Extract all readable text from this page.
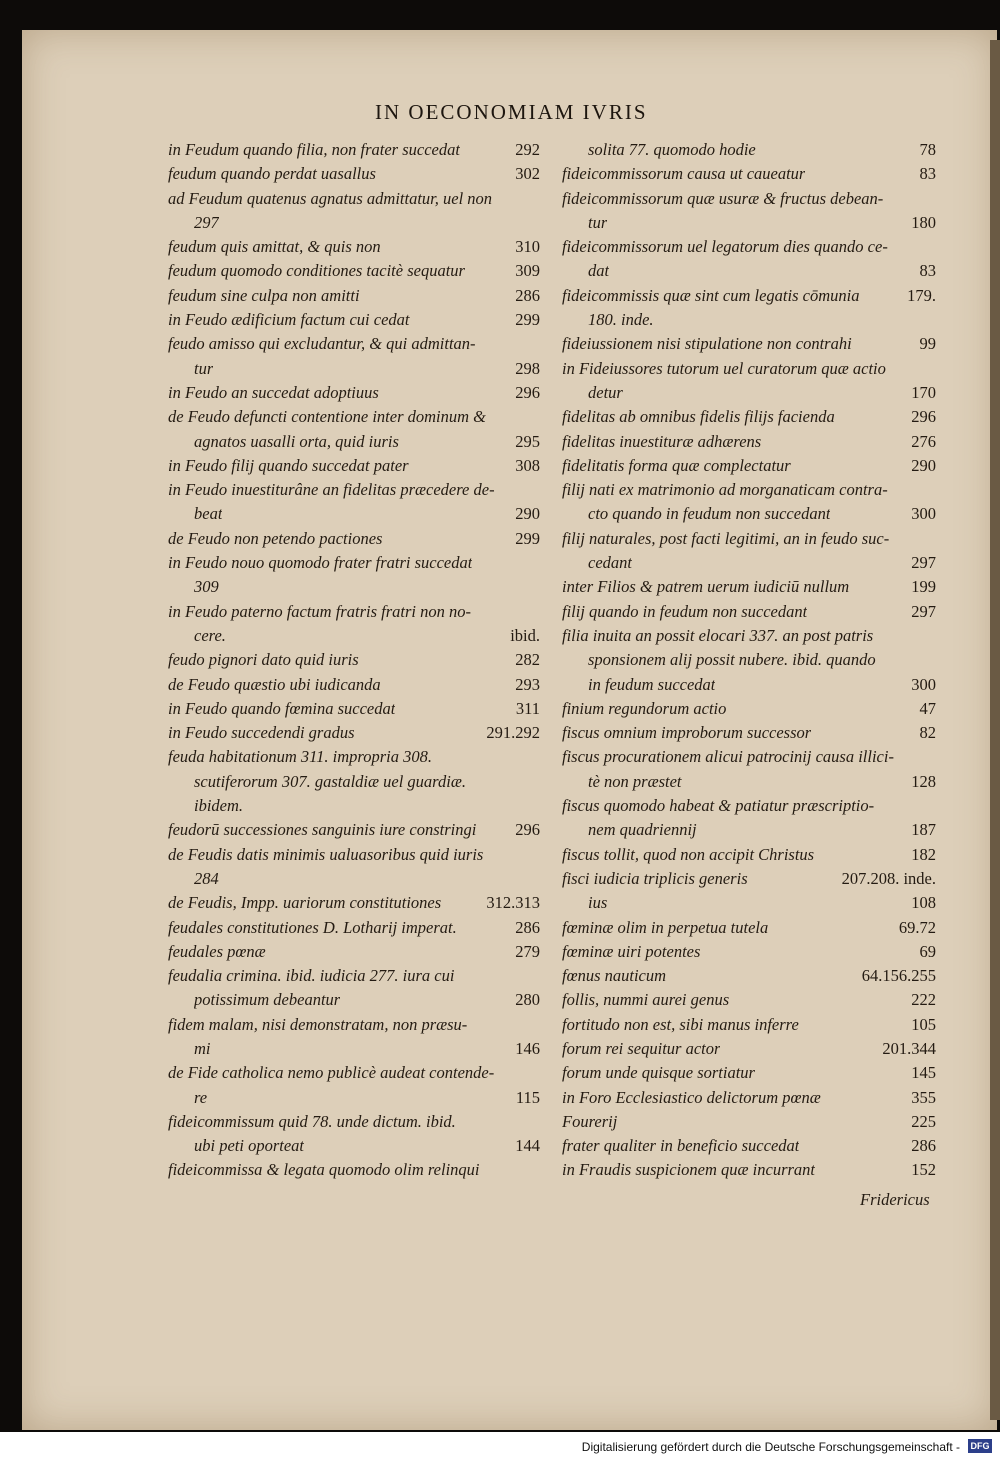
IN OECONOMIAM IVRIS
in Feudum quando filia, non frater succedat	292
feudum quando perdat uasallus	302
ad Feudum quatenus agnatus admittatur, uel non
297
feudum quis amittat, & quis non	310
feudum quomodo conditiones tacitè sequatur	309
feudum sine culpa non amitti	286
in Feudo ædificium factum cui cedat	299
feudo amisso qui excludantur, & qui admittan-
tur	298
in Feudo an succedat adoptiuus	296
de Feudo defuncti contentione inter dominum &
agnatos uasalli orta, quid iuris	295
in Feudo filij quando succedat pater	308
in Feudo inuestiturâne an fidelitas præcedere de-
beat	290
de Feudo non petendo pactiones	299
in Feudo nouo quomodo frater fratri succedat
309
in Feudo paterno factum fratris fratri non no-
cere.	ibid.
feudo pignori dato quid iuris	282
de Feudo quæstio ubi iudicanda	293
in Feudo quando fœmina succedat	311
in Feudo succedendi gradus	291.292
feuda habitationum 311. impropria 308.
scutiferorum 307. gastaldiæ uel guardiæ.
ibidem.
feudorū successiones sanguinis iure constringi	296
de Feudis datis minimis ualuasoribus quid iuris
284
de Feudis, Impp. uariorum constitutiones	312.313
feudales constitutiones D. Lotharij imperat.	286
feudales pœnæ	279
feudalia crimina. ibid. iudicia 277. iura cui
potissimum debeantur	280
fidem malam, nisi demonstratam, non præsu-
mi	146
de Fide catholica nemo publicè audeat contende-
re	115
fideicommissum quid 78. unde dictum. ibid.
ubi peti oporteat	144
fideicommissa & legata quomodo olim relinqui
solita 77. quomodo hodie	78
fideicommissorum causa ut caueatur	83
fideicommissorum quæ usuræ & fructus debean-
tur	180
fideicommissorum uel legatorum dies quando ce-
dat	83
fideicommissis quæ sint cum legatis cōmunia	179.
180. inde.
fideiussionem nisi stipulatione non contrahi	99
in Fideiussores tutorum uel curatorum quæ actio
detur	170
fidelitas ab omnibus fidelis filijs facienda	296
fidelitas inuestituræ adhærens	276
fidelitatis forma quæ complectatur	290
filij nati ex matrimonio ad morganaticam contra-
cto quando in feudum non succedant	300
filij naturales, post facti legitimi, an in feudo suc-
cedant	297
inter Filios & patrem uerum iudiciū nullum	199
filij quando in feudum non succedant	297
filia inuita an possit elocari 337. an post patris
sponsionem alij possit nubere. ibid. quando
in feudum succedat	300
finium regundorum actio	47
fiscus omnium improborum successor	82
fiscus procurationem alicui patrocinij causa illici-
tè non præstet	128
fiscus quomodo habeat & patiatur præscriptio-
nem quadriennij	187
fiscus tollit, quod non accipit Christus	182
fisci iudicia triplicis generis	207.208. inde.
ius	108
fœminæ olim in perpetua tutela	69.72
fœminæ uiri potentes	69
fœnus nauticum	64.156.255
follis, nummi aurei genus	222
fortitudo non est, sibi manus inferre	105
forum rei sequitur actor	201.344
forum unde quisque sortiatur	145
in Foro Ecclesiastico delictorum pœnæ	355
Fourerij	225
frater qualiter in beneficio succedat	286
in Fraudis suspicionem quæ incurrant	152
Fridericus
Digitalisierung gefördert durch die Deutsche Forschungsgemeinschaft - DFG
